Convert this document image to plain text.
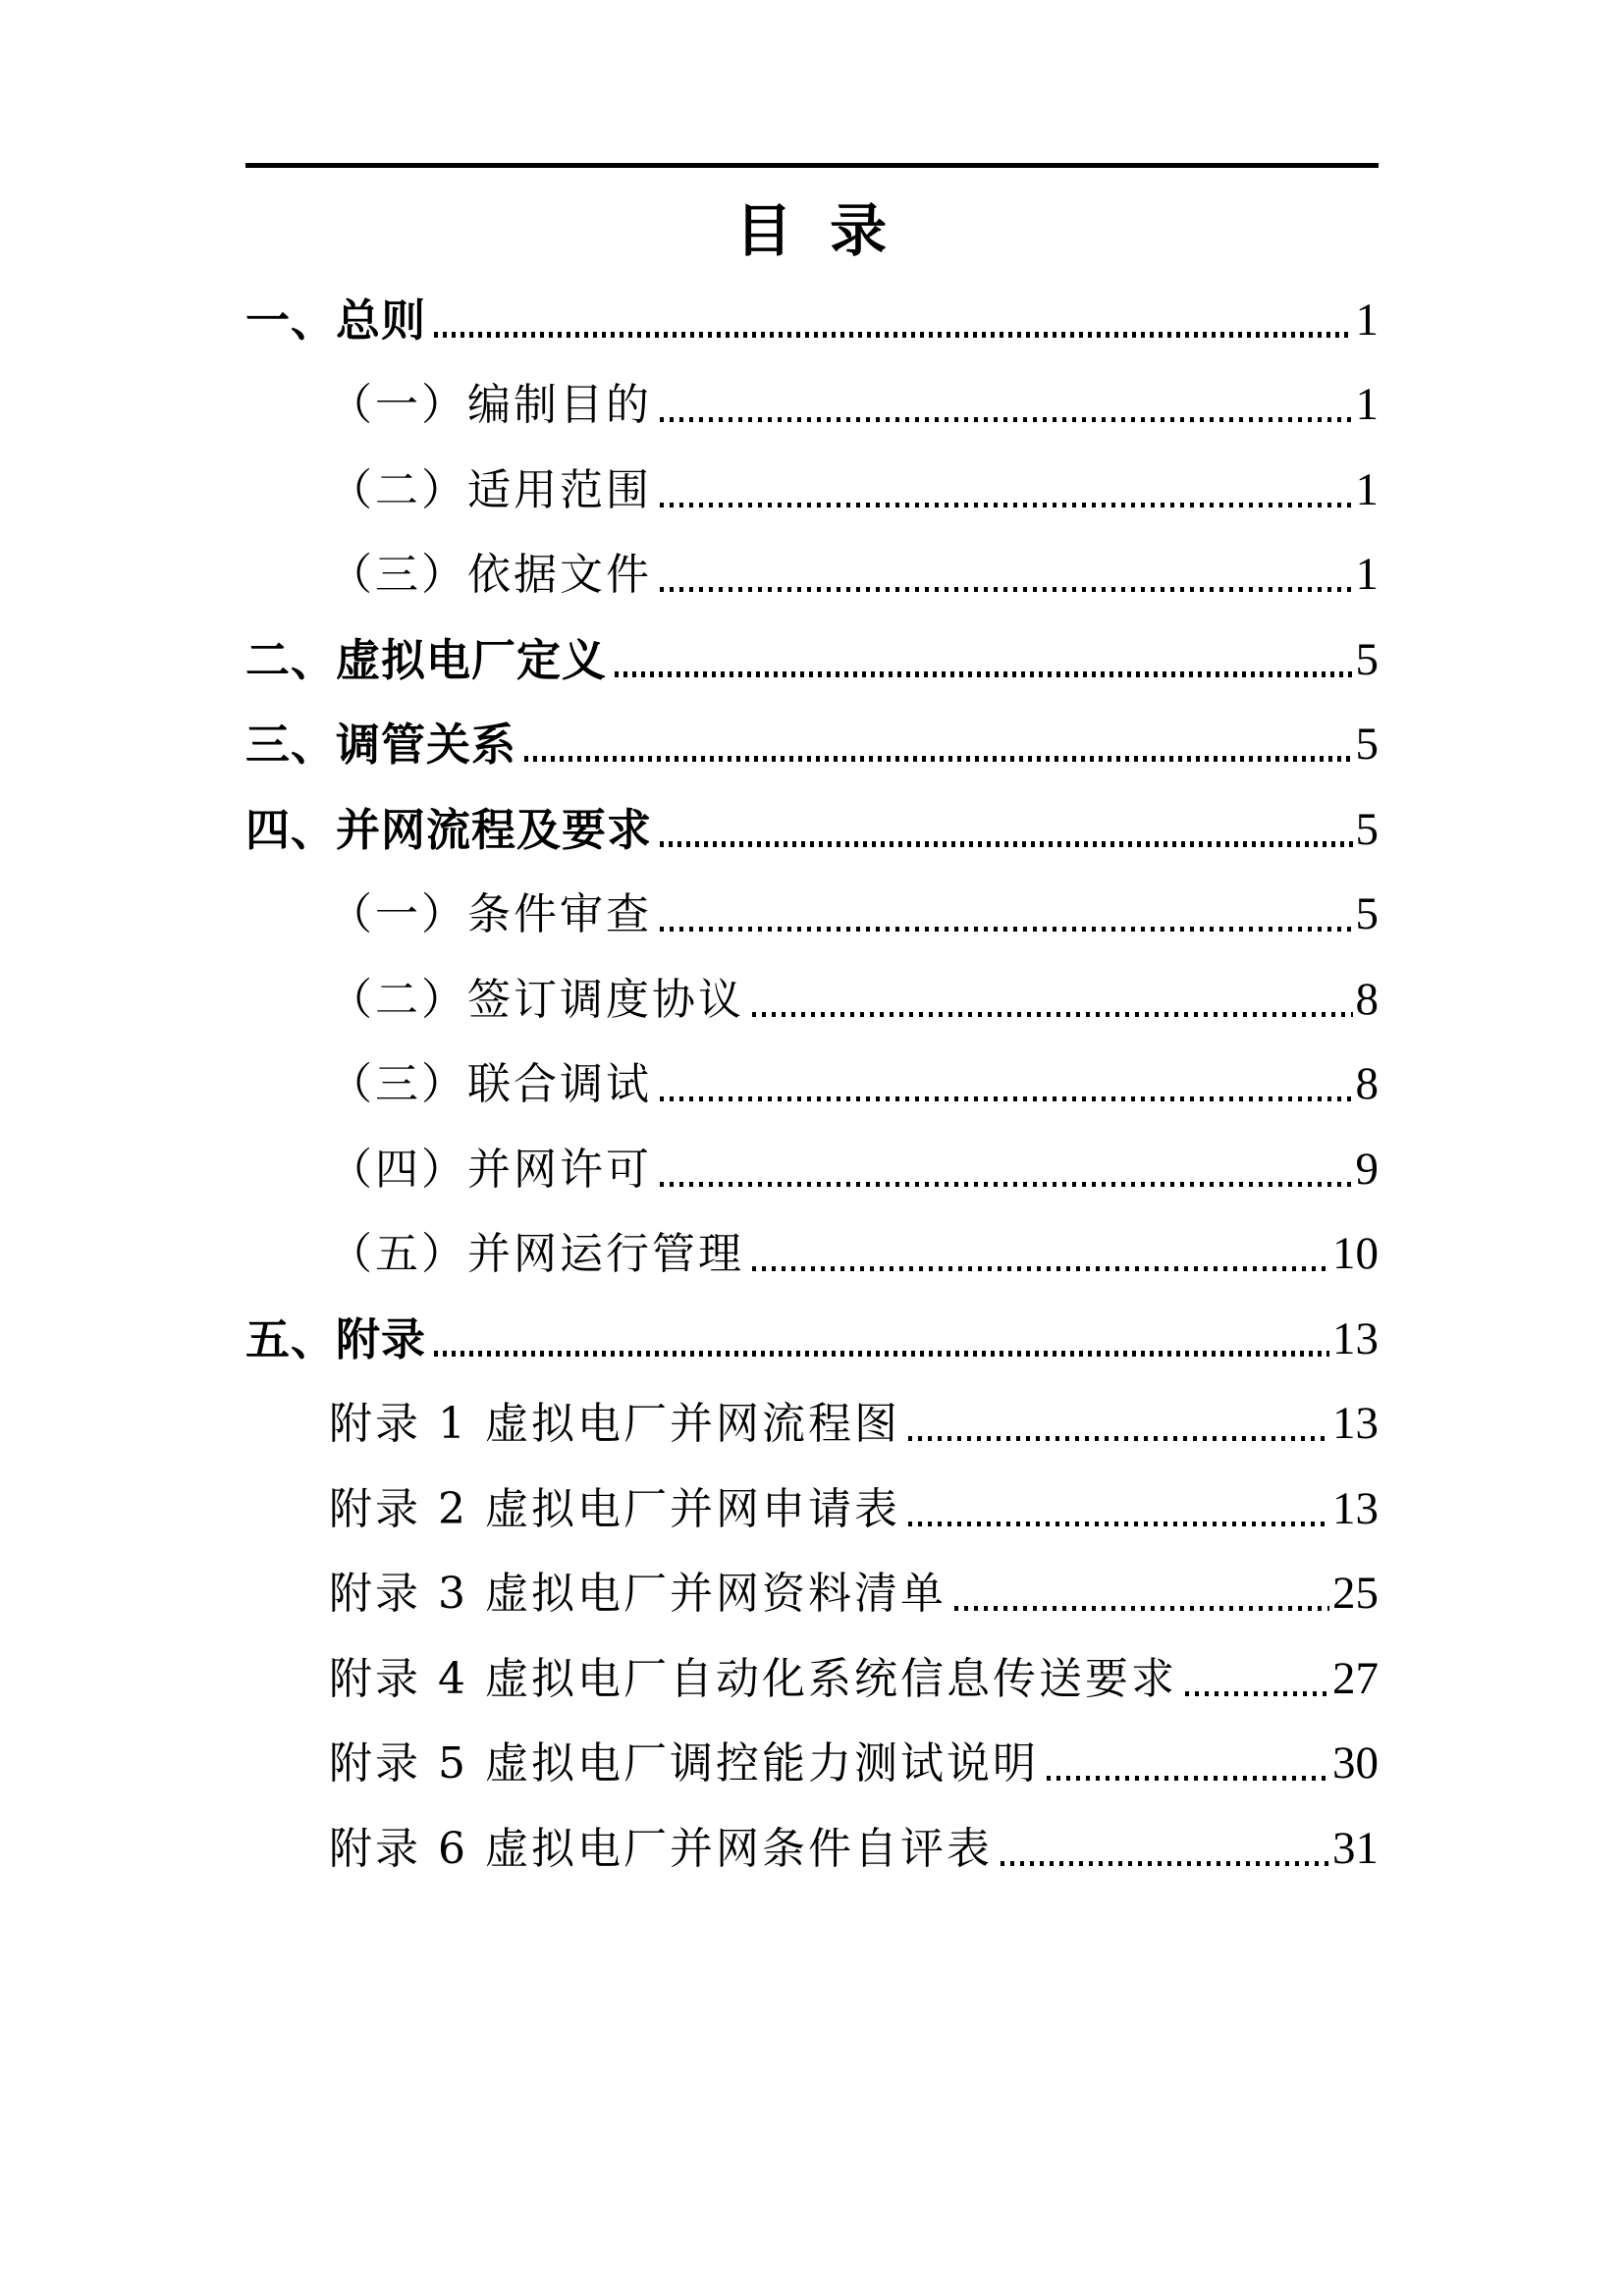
目 录
一、总则	1
（一）编制目的	1
（二）适用范围	1
（三）依据文件	1
二、虚拟电厂定义	5
三、调管关系	5
四、并网流程及要求	5
（一）条件审查	5
（二）签订调度协议	8
（三）联合调试	8
（四）并网许可	9
（五）并网运行管理	10
五、附录	13
附录 1 虚拟电厂并网流程图	13
附录 2 虚拟电厂并网申请表	13
附录 3 虚拟电厂并网资料清单	25
附录 4 虚拟电厂自动化系统信息传送要求	27
附录 5 虚拟电厂调控能力测试说明	30
附录 6 虚拟电厂并网条件自评表	31
